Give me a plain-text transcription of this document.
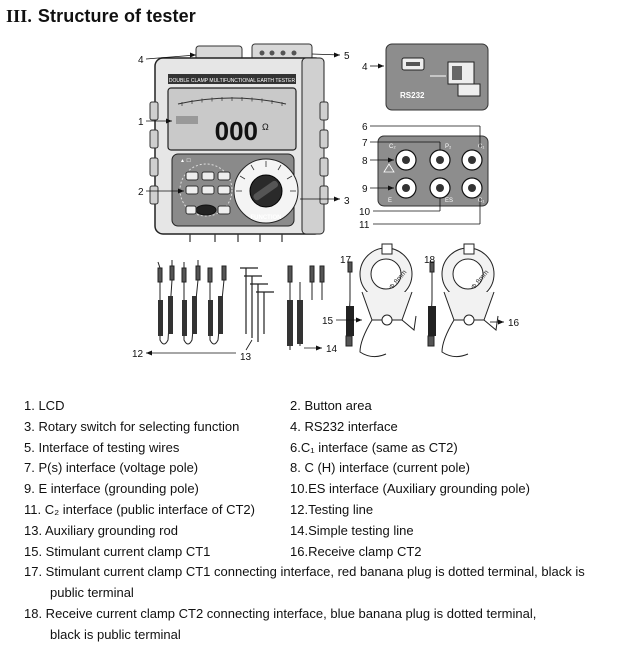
III. Structure of tester
DOUBLE CLAMP MULTIFUNCTIONAL EARTH TESTER
000 Ω
▲ ☐
FUNCTION
4	5
1
2
3
RS232
4
C₂	P₂	C₁
E	ES	C₁
6
7
8
9
10
11
12	13
14
Φ 8mm
17
15
Φ 8mm
18
16
1. LCD	2. Button area
3. Rotary switch for selecting function	4. RS232 interface
5. Interface of testing wires	6.C₁ interface (same as CT2)
7. P(s) interface (voltage pole)	8. C (H) interface (current pole)
9. E interface (grounding pole)	10.ES interface (Auxiliary grounding pole)
11. C₂ interface (public interface of CT2)	12.Testing line
13. Auxiliary grounding rod	14.Simple testing line
15. Stimulant current clamp CT1	16.Receive clamp CT2
17. Stimulant current clamp CT1 connecting interface, red banana plug is dotted terminal, black is
public terminal
18. Receive current clamp CT2 connecting interface, blue banana plug is dotted terminal,
black is public terminal
